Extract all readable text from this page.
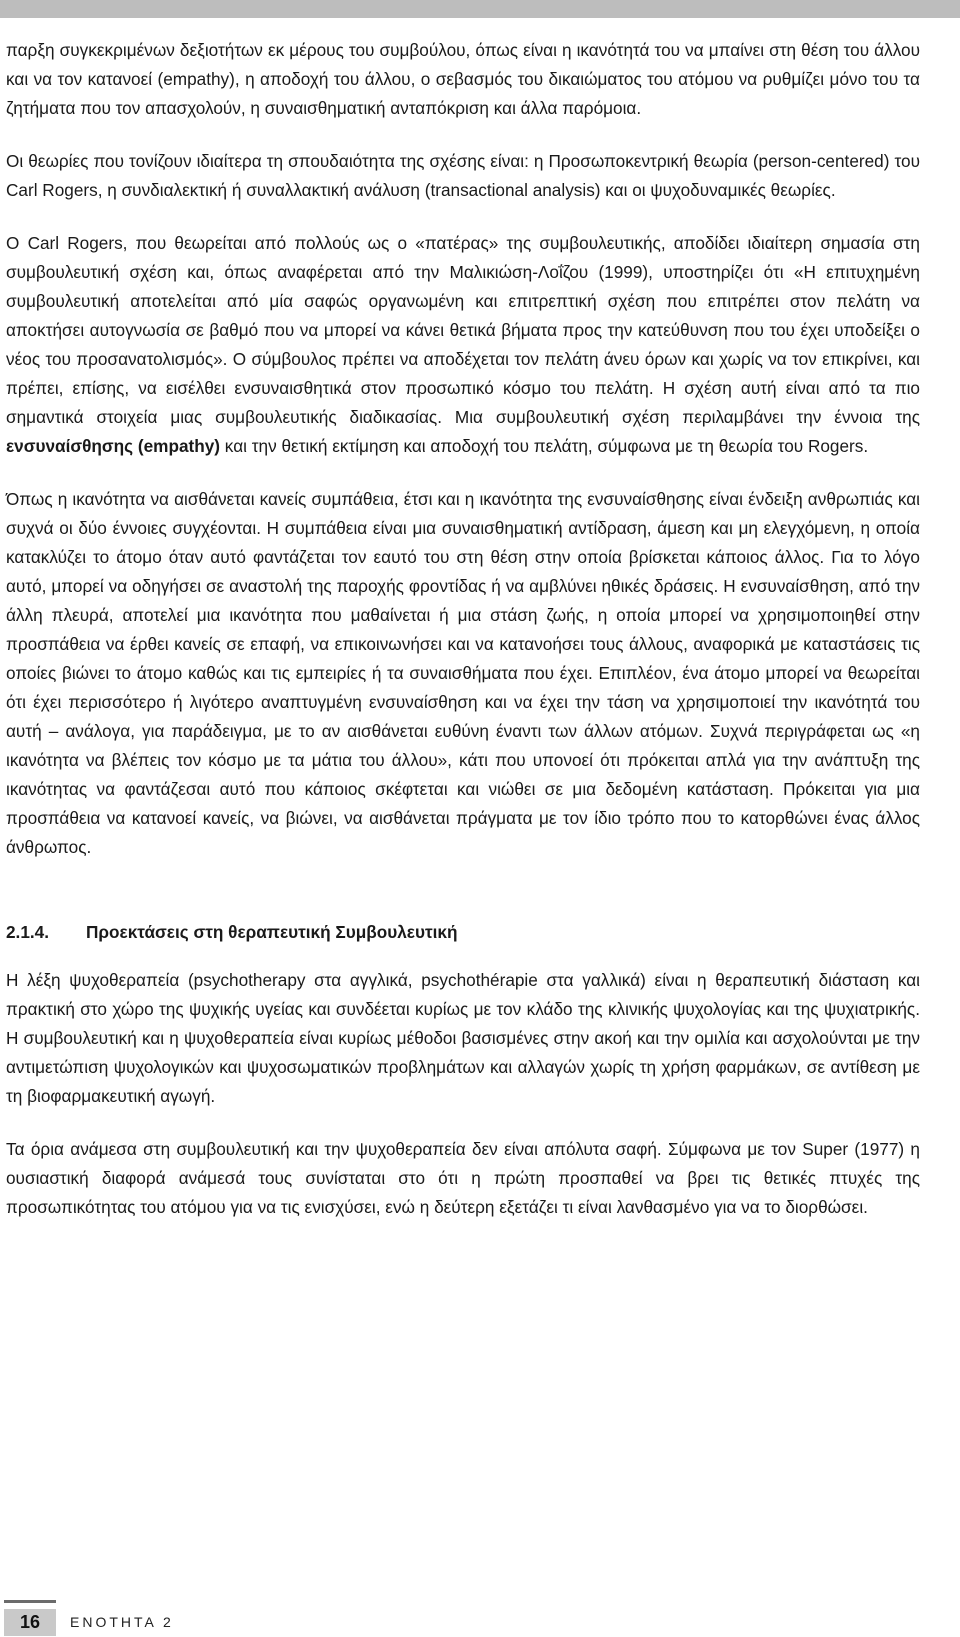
παρξη συγκεκριμένων δεξιοτήτων εκ μέρους του συμβούλου, όπως είναι η ικανότητά του να μπαίνει στη θέση του άλλου και να τον κατανοεί (empathy), η αποδοχή του άλλου, ο σεβασμός του δικαιώματος του ατόμου να ρυθμίζει μόνο του τα ζητήματα που τον απασχολούν, η συναισθηματική ανταπόκριση και άλλα παρόμοια.

Οι θεωρίες που τονίζουν ιδιαίτερα τη σπουδαιότητα της σχέσης είναι: η Προσωποκεντρική θεωρία (person-centered) του Carl Rogers, η συνδιαλεκτική ή συναλλακτική ανάλυση (transactional analysis) και οι ψυχοδυναμικές θεωρίες.

Ο Carl Rogers, που θεωρείται από πολλούς ως ο «πατέρας» της συμβουλευτικής, αποδίδει ιδιαίτερη σημασία στη συμβουλευτική σχέση και, όπως αναφέρεται από την Μαλικιώση-Λοΐζου (1999), υποστηρίζει ότι «Η επιτυχημένη συμβουλευτική αποτελείται από μία σαφώς οργανωμένη και επιτρεπτική σχέση που επιτρέπει στον πελάτη να αποκτήσει αυτογνωσία σε βαθμό που να μπορεί να κάνει θετικά βήματα προς την κατεύθυνση που του έχει υποδείξει ο νέος του προσανατολισμός». Ο σύμβουλος πρέπει να αποδέχεται τον πελάτη άνευ όρων και χωρίς να τον επικρίνει, και πρέπει, επίσης, να εισέλθει ενσυναισθητικά στον προσωπικό κόσμο του πελάτη. Η σχέση αυτή είναι από τα πιο σημαντικά στοιχεία μιας συμβουλευτικής διαδικασίας. Μια συμβουλευτική σχέση περιλαμβάνει την έννοια της ενσυναίσθησης (empathy) και την θετική εκτίμηση και αποδοχή του πελάτη, σύμφωνα με τη θεωρία του Rogers.

Όπως η ικανότητα να αισθάνεται κανείς συμπάθεια, έτσι και η ικανότητα της ενσυναίσθησης είναι ένδειξη ανθρωπιάς και συχνά οι δύο έννοιες συγχέονται. Η συμπάθεια είναι μια συναισθηματική αντίδραση, άμεση και μη ελεγχόμενη, η οποία κατακλύζει το άτομο όταν αυτό φαντάζεται τον εαυτό του στη θέση στην οποία βρίσκεται κάποιος άλλος. Για το λόγο αυτό, μπορεί να οδηγήσει σε αναστολή της παροχής φροντίδας ή να αμβλύνει ηθικές δράσεις. Η ενσυναίσθηση, από την άλλη πλευρά, αποτελεί μια ικανότητα που μαθαίνεται ή μια στάση ζωής, η οποία μπορεί να χρησιμοποιηθεί στην προσπάθεια να έρθει κανείς σε επαφή, να επικοινωνήσει και να κατανοήσει τους άλλους, αναφορικά με καταστάσεις τις οποίες βιώνει το άτομο καθώς και τις εμπειρίες ή τα συναισθήματα που έχει. Επιπλέον, ένα άτομο μπορεί να θεωρείται ότι έχει περισσότερο ή λιγότερο αναπτυγμένη ενσυναίσθηση και να έχει την τάση να χρησιμοποιεί την ικανότητά του αυτή – ανάλογα, για παράδειγμα, με το αν αισθάνεται ευθύνη έναντι των άλλων ατόμων. Συχνά περιγράφεται ως «η ικανότητα να βλέπεις τον κόσμο με τα μάτια του άλλου», κάτι που υπονοεί ότι πρόκειται απλά για την ανάπτυξη της ικανότητας να φαντάζεσαι αυτό που κάποιος σκέφτεται και νιώθει σε μια δεδομένη κατάσταση. Πρόκειται για μια προσπάθεια να κατανοεί κανείς, να βιώνει, να αισθάνεται πράγματα με τον ίδιο τρόπο που το κατορθώνει ένας άλλος άνθρωπος.

2.1.4.	Προεκτάσεις στη θεραπευτική Συμβουλευτική

Η λέξη ψυχοθεραπεία (psychotherapy στα αγγλικά, psychothérapie στα γαλλικά) είναι η θεραπευτική διάσταση και πρακτική στο χώρο της ψυχικής υγείας και συνδέεται κυρίως με τον κλάδο της κλινικής ψυχολογίας και της ψυχιατρικής. Η συμβουλευτική και η ψυχοθεραπεία είναι κυρίως μέθοδοι βασισμένες στην ακοή και την ομιλία και ασχολούνται με την αντιμετώπιση ψυχολογικών και ψυχοσωματικών προβλημάτων και αλλαγών χωρίς τη χρήση φαρμάκων, σε αντίθεση με τη βιοφαρμακευτική αγωγή.

Τα όρια ανάμεσα στη συμβουλευτική και την ψυχοθεραπεία δεν είναι απόλυτα σαφή. Σύμφωνα με τον Super (1977) η ουσιαστική διαφορά ανάμεσά τους συνίσταται στο ότι η πρώτη προσπαθεί να βρει τις θετικές πτυχές της προσωπικότητας του ατόμου για να τις ενισχύσει, ενώ η δεύτερη εξετάζει τι είναι λανθασμένο για να το διορθώσει.

16	ΕΝΟΤΗΤΑ 2
